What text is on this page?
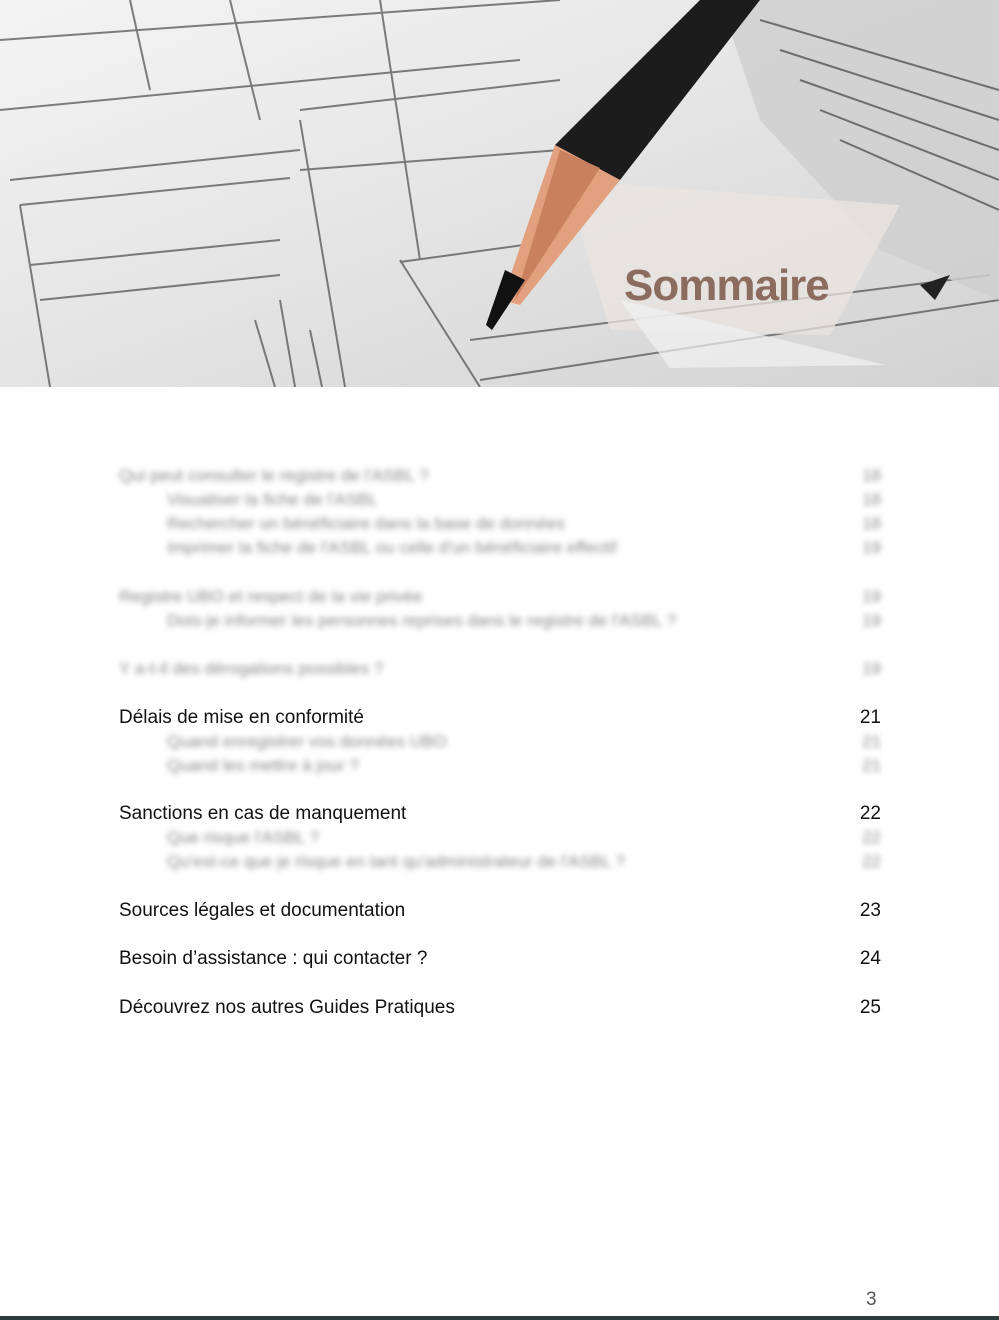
Sommaire
Qui peut consulter le registre de l'ASBL ?	18
Visualiser la fiche de l'ASBL	18
Rechercher un bénéficiaire dans la base de données	18
Imprimer la fiche de l'ASBL ou celle d'un bénéficiaire effectif	19
Registre UBO et respect de la vie privée	19
Dois-je informer les personnes reprises dans le registre de l'ASBL ?	19
Y a-t-il des dérogations possibles ?	19
Délais de mise en conformité	21
Quand enregistrer vos données UBO	21
Quand les mettre à jour ?	21
Sanctions en cas de manquement	22
Que risque l'ASBL ?	22
Qu'est-ce que je risque en tant qu'administrateur de l'ASBL ?	22
Sources légales et documentation	23
Besoin d’assistance : qui contacter ?	24
Découvrez nos autres Guides Pratiques	25
3
